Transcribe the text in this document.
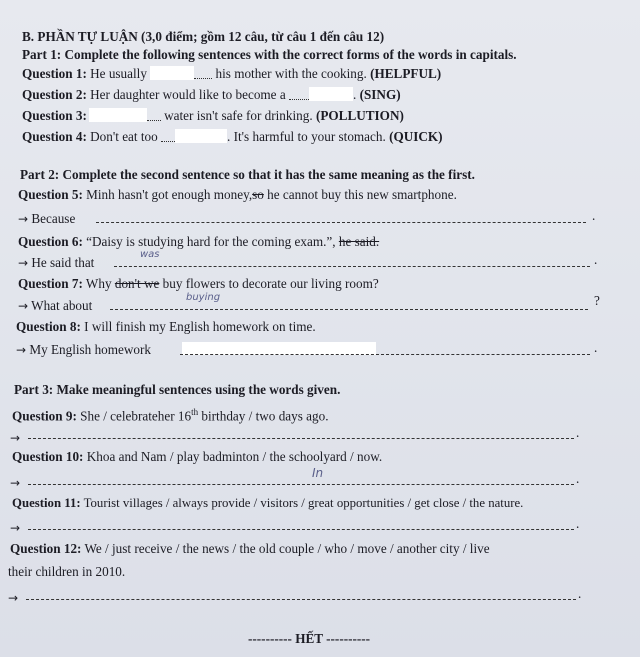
B. PHẦN TỰ LUẬN (3,0 điểm; gồm 12 câu, từ câu 1 đến câu 12)
Part 1: Complete the following sentences with the correct forms of the words in capitals.
Question 1: He usually	his mother with the cooking. (HELPFUL)
Question 2: Her daughter would like to become a	. (SING)
Question 3:	water isn't safe for drinking. (POLLUTION)
Question 4: Don't eat too	. It's harmful to your stomach. (QUICK)
Part 2: Complete the second sentence so that it has the same meaning as the first.
Question 5: Minh hasn't got enough money,so he cannot buy this new smartphone.
→ Because	.
Question 6: “Daisy is studying hard for the coming exam.”, he said.
→ He said that
was	.
Question 7: Why don't we buy flowers to decorate our living room?
→ What about
buying	?
Question 8: I will finish my English homework on time.
→ My English homework	.
Part 3: Make meaningful sentences using the words given.
Question 9: She / celebrateher 16th birthday / two days ago.
→	.
Question 10: Khoa and Nam / play badminton / the schoolyard / now.
In
→	.
Question 11: Tourist villages / always provide / visitors / great opportunities / get close / the nature.
→	.
Question 12: We / just receive / the news / the old couple / who / move / another city / live
their children in 2010.
→	.
---------- HẾT ----------
